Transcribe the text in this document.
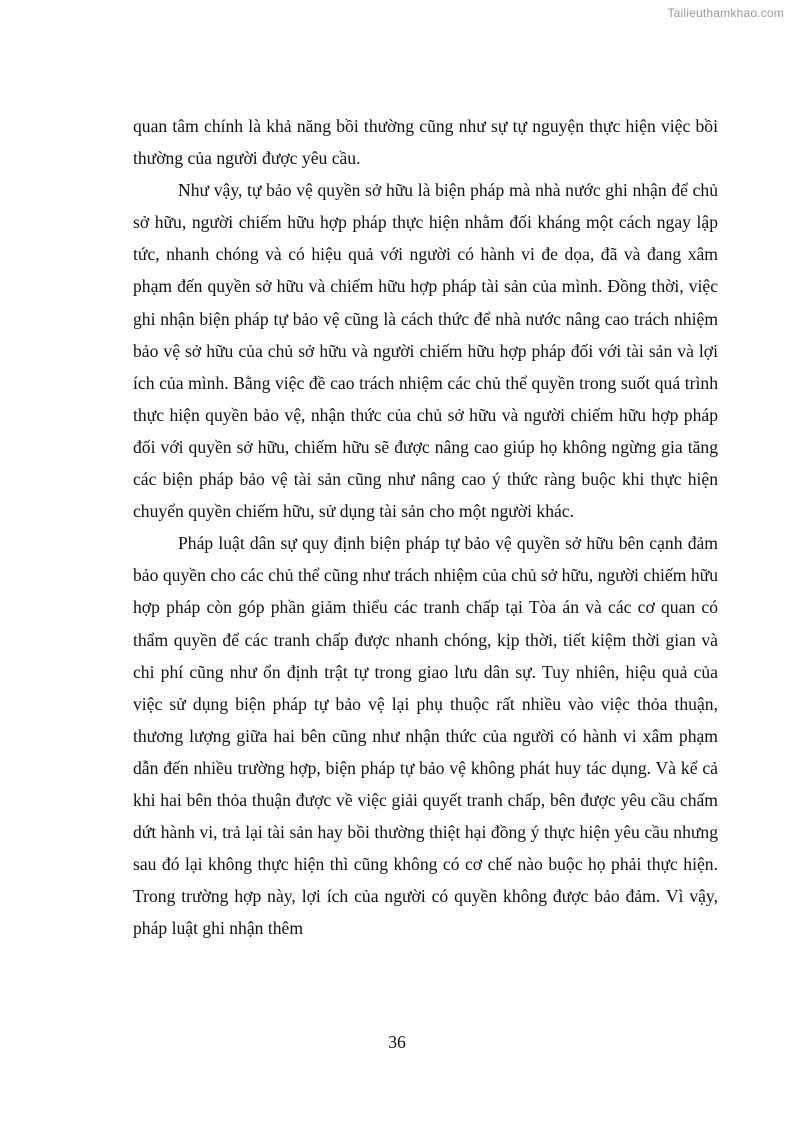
Tailieuthamkhao.com

quan tâm chính là khả năng bồi thường cũng như sự tự nguyện thực hiện việc bồi thường của người được yêu cầu.

Như vậy, tự bảo vệ quyền sở hữu là biện pháp mà nhà nước ghi nhận để chủ sở hữu, người chiếm hữu hợp pháp thực hiện nhằm đối kháng một cách ngay lập tức, nhanh chóng và có hiệu quả với người có hành vi đe dọa, đã và đang xâm phạm đến quyền sở hữu và chiếm hữu hợp pháp tài sản của mình. Đồng thời, việc ghi nhận biện pháp tự bảo vệ cũng là cách thức để nhà nước nâng cao trách nhiệm bảo vệ sở hữu của chủ sở hữu và người chiếm hữu hợp pháp đối với tài sản và lợi ích của mình. Bằng việc đề cao trách nhiệm các chủ thể quyền trong suốt quá trình thực hiện quyền bảo vệ, nhận thức của chủ sở hữu và người chiếm hữu hợp pháp đối với quyền sở hữu, chiếm hữu sẽ được nâng cao giúp họ không ngừng gia tăng các biện pháp bảo vệ tài sản cũng như nâng cao ý thức ràng buộc khi thực hiện chuyển quyền chiếm hữu, sử dụng tài sản cho một người khác.

Pháp luật dân sự quy định biện pháp tự bảo vệ quyền sở hữu bên cạnh đảm bảo quyền cho các chủ thể cũng như trách nhiệm của chủ sở hữu, người chiếm hữu hợp pháp còn góp phần giảm thiểu các tranh chấp tại Tòa án và các cơ quan có thẩm quyền để các tranh chấp được nhanh chóng, kịp thời, tiết kiệm thời gian và chi phí cũng như ổn định trật tự trong giao lưu dân sự. Tuy nhiên, hiệu quả của việc sử dụng biện pháp tự bảo vệ lại phụ thuộc rất nhiều vào việc thỏa thuận, thương lượng giữa hai bên cũng như nhận thức của người có hành vi xâm phạm dẫn đến nhiều trường hợp, biện pháp tự bảo vệ không phát huy tác dụng. Và kể cả khi hai bên thỏa thuận được về việc giải quyết tranh chấp, bên được yêu cầu chấm dứt hành vi, trả lại tài sản hay bồi thường thiệt hại đồng ý thực hiện yêu cầu nhưng sau đó lại không thực hiện thì cũng không có cơ chế nào buộc họ phải thực hiện. Trong trường hợp này, lợi ích của người có quyền không được bảo đảm. Vì vậy, pháp luật ghi nhận thêm

36
